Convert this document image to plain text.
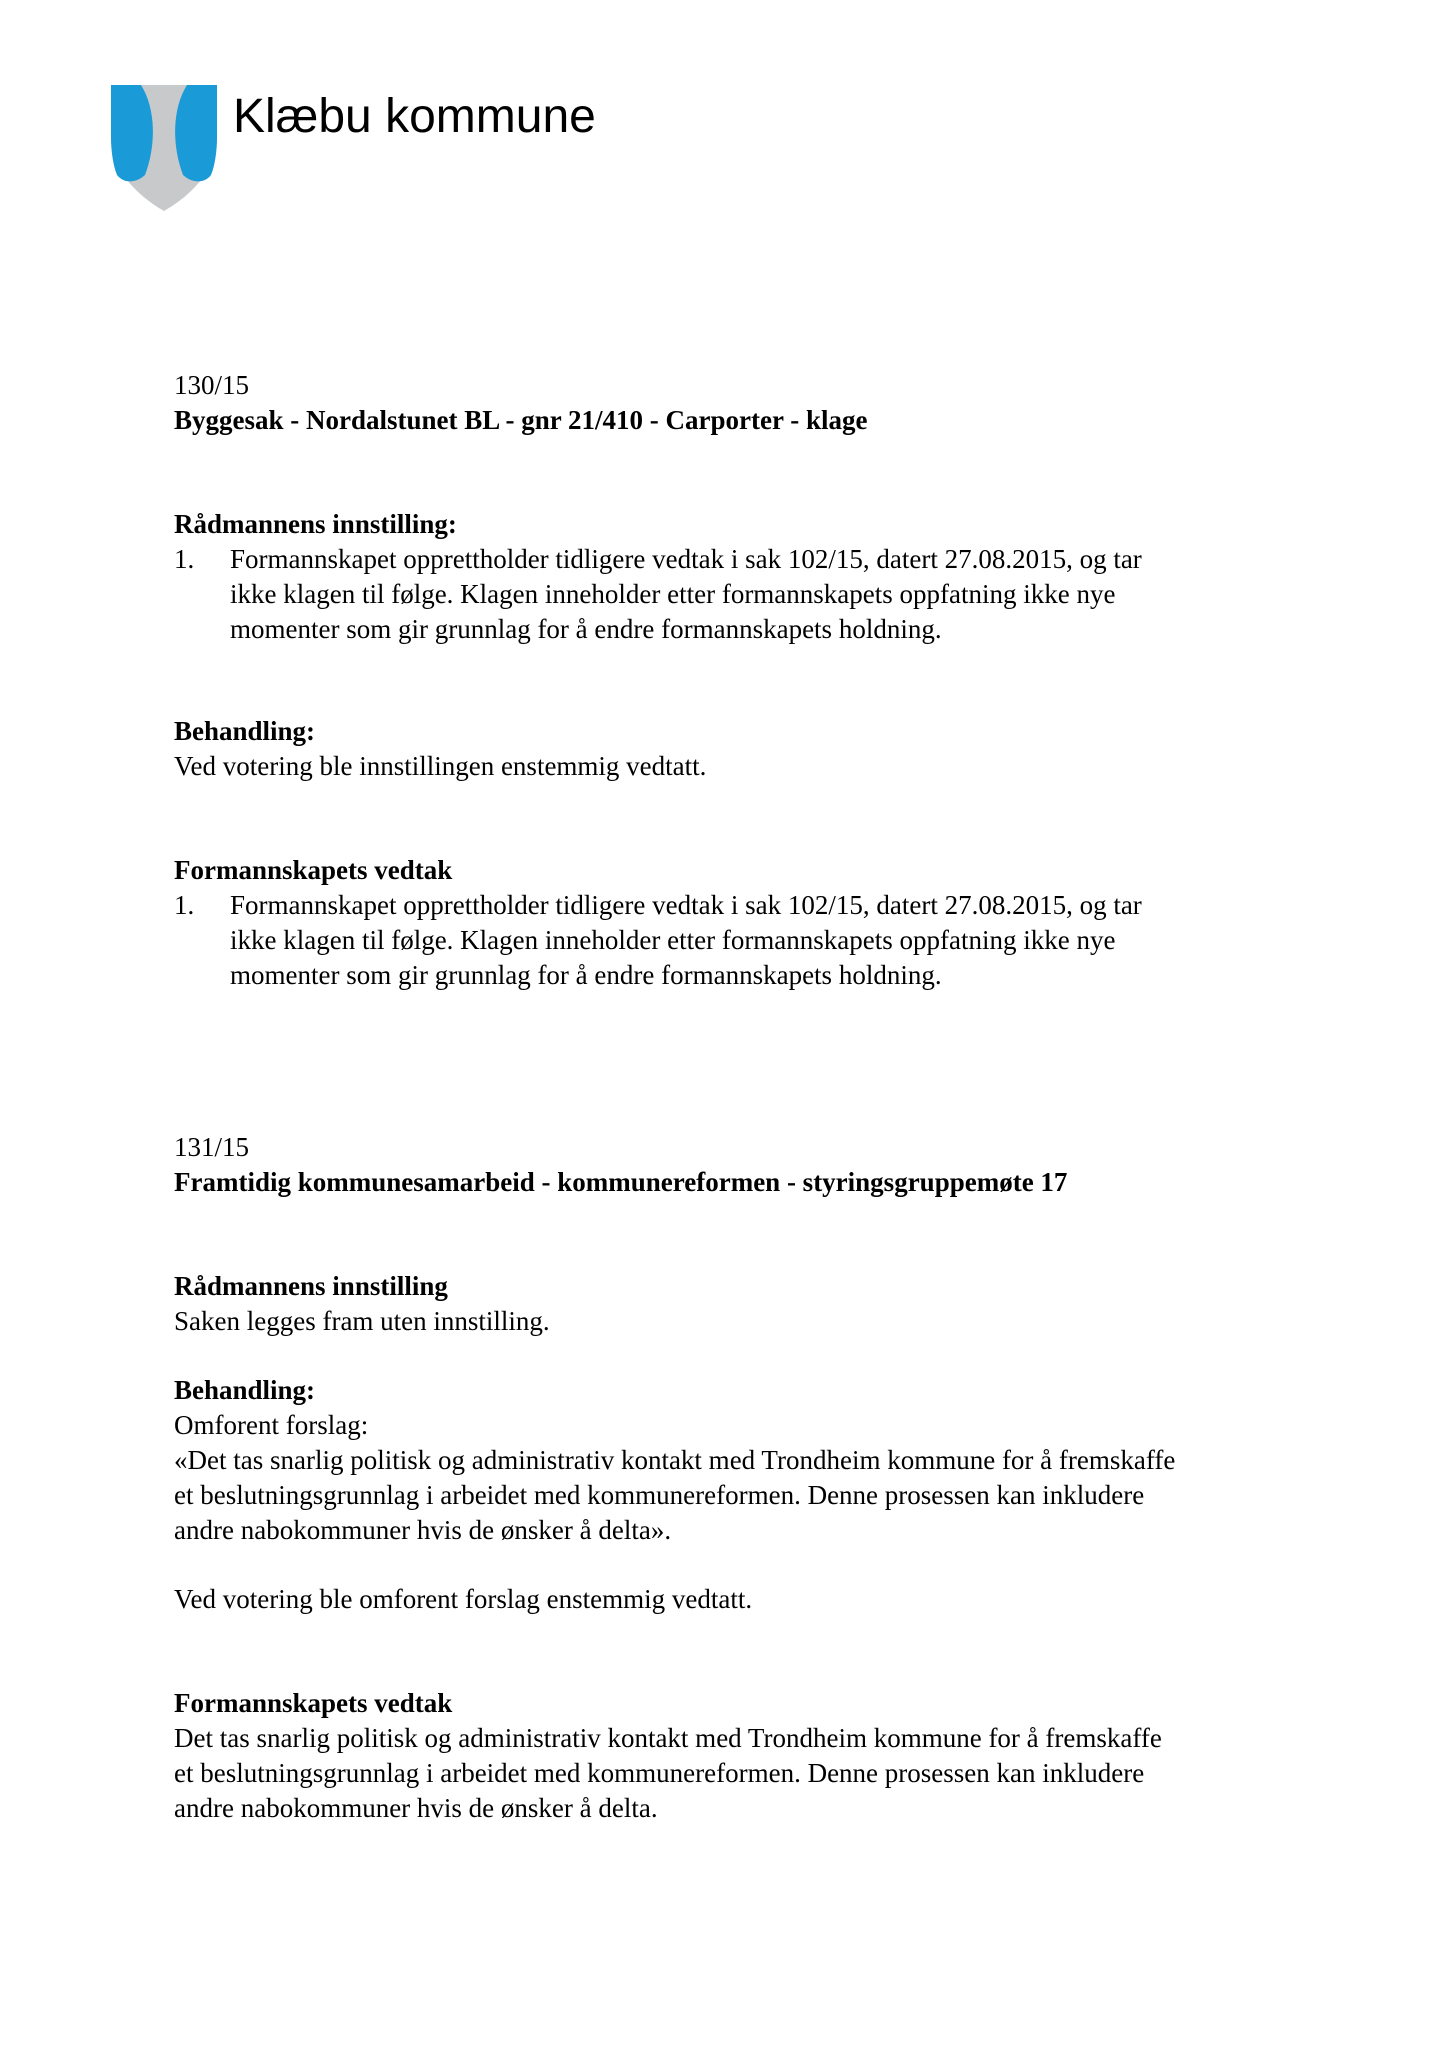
Klæbu kommune

130/15

Byggesak - Nordalstunet BL - gnr 21/410 - Carporter - klage

Rådmannens innstilling:

1.	Formannskapet opprettholder tidligere vedtak i sak 102/15, datert 27.08.2015, og tar

ikke klagen til følge. Klagen inneholder etter formannskapets oppfatning ikke nye

momenter som gir grunnlag for å endre formannskapets holdning.

Behandling:

Ved votering ble innstillingen enstemmig vedtatt.

Formannskapets vedtak

1.	Formannskapet opprettholder tidligere vedtak i sak 102/15, datert 27.08.2015, og tar

ikke klagen til følge. Klagen inneholder etter formannskapets oppfatning ikke nye

momenter som gir grunnlag for å endre formannskapets holdning.

131/15

Framtidig kommunesamarbeid - kommunereformen - styringsgruppemøte 17

Rådmannens innstilling

Saken legges fram uten innstilling.

Behandling:

Omforent forslag:

«Det tas snarlig politisk og administrativ kontakt med Trondheim kommune for å fremskaffe

et beslutningsgrunnlag i arbeidet med kommunereformen. Denne prosessen kan inkludere

andre nabokommuner hvis de ønsker å delta».

Ved votering ble omforent forslag enstemmig vedtatt.

Formannskapets vedtak

Det tas snarlig politisk og administrativ kontakt med Trondheim kommune for å fremskaffe

et beslutningsgrunnlag i arbeidet med kommunereformen. Denne prosessen kan inkludere

andre nabokommuner hvis de ønsker å delta.
